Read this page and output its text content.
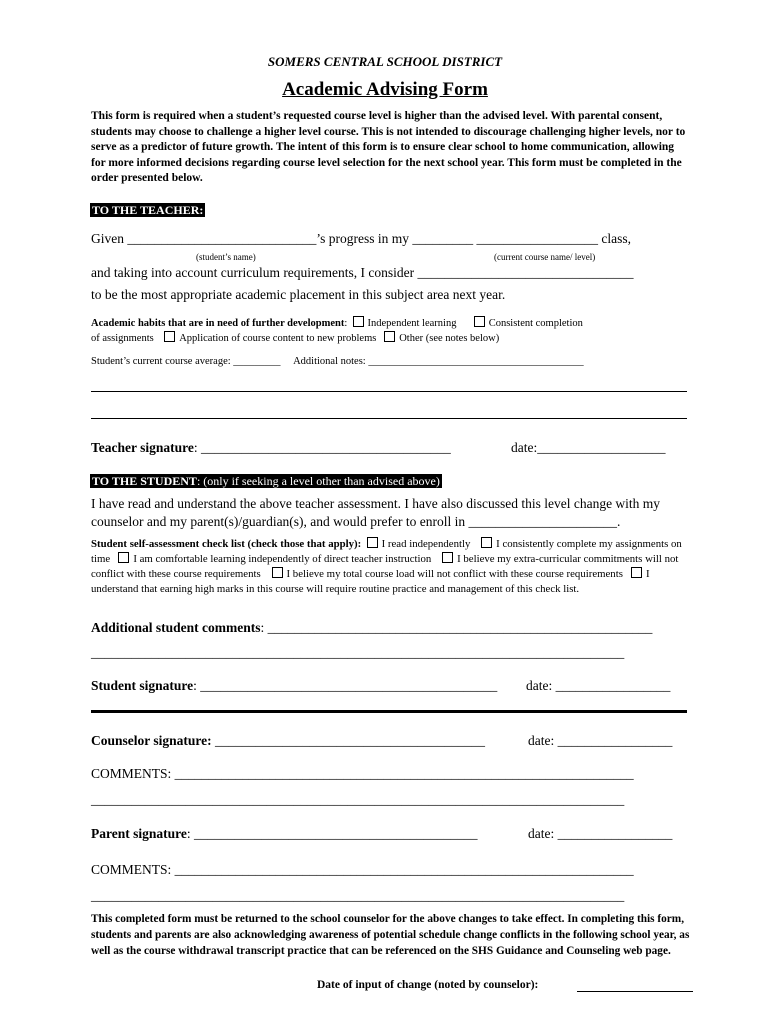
SOMERS CENTRAL SCHOOL DISTRICT
Academic Advising Form
This form is required when a student’s requested course level is higher than the advised level. With parental consent, students may choose to challenge a higher level course. This is not intended to discourage challenging higher levels, nor to serve as a predictor of future growth. The intent of this form is to ensure clear school to home communication, allowing for more informed decisions regarding course level selection for the next school year. This form must be completed in the order presented below.
TO THE TEACHER:
Given ____________________________’s progress in my _________ __________________ class,
(student’s name)	(current course name/ level)
and taking into account curriculum requirements, I consider ________________________________
to be the most appropriate academic placement in this subject area next year.
Academic habits that are in need of further development:  Independent learning	Consistent completion
of assignments Application of course content to new problems Other (see notes below)
Student’s current course average: _________ Additional notes: _________________________________________
Teacher signature: _____________________________________	date:___________________
TO THE STUDENT: (only if seeking a level other than advised above)
I have read and understand the above teacher assessment. I have also discussed this level change with my counselor and my parent(s)/guardian(s), and would prefer to enroll in ______________________.
Student self-assessment check list (check those that apply): I read independently I consistently complete my assignments on time I am comfortable learning independently of direct teacher instruction I believe my extra-curricular commitments will not conflict with these course requirements I believe my total course load will not conflict with these course requirements I understand that earning high marks in this course will require routine practice and management of this check list.
Additional student comments: _________________________________________________________
_______________________________________________________________________________
Student signature: ____________________________________________ date: _________________
Counselor signature: ________________________________________	date: _________________
COMMENTS: ____________________________________________________________________
_______________________________________________________________________________
Parent signature: __________________________________________	date: _________________
COMMENTS: ____________________________________________________________________
_______________________________________________________________________________
This completed form must be returned to the school counselor for the above changes to take effect. In completing this form, students and parents are also acknowledging awareness of potential schedule change conflicts in the following school year, as well as the course withdrawal transcript practice that can be referenced on the SHS Guidance and Counseling web page.
Date of input of change (noted by counselor):
